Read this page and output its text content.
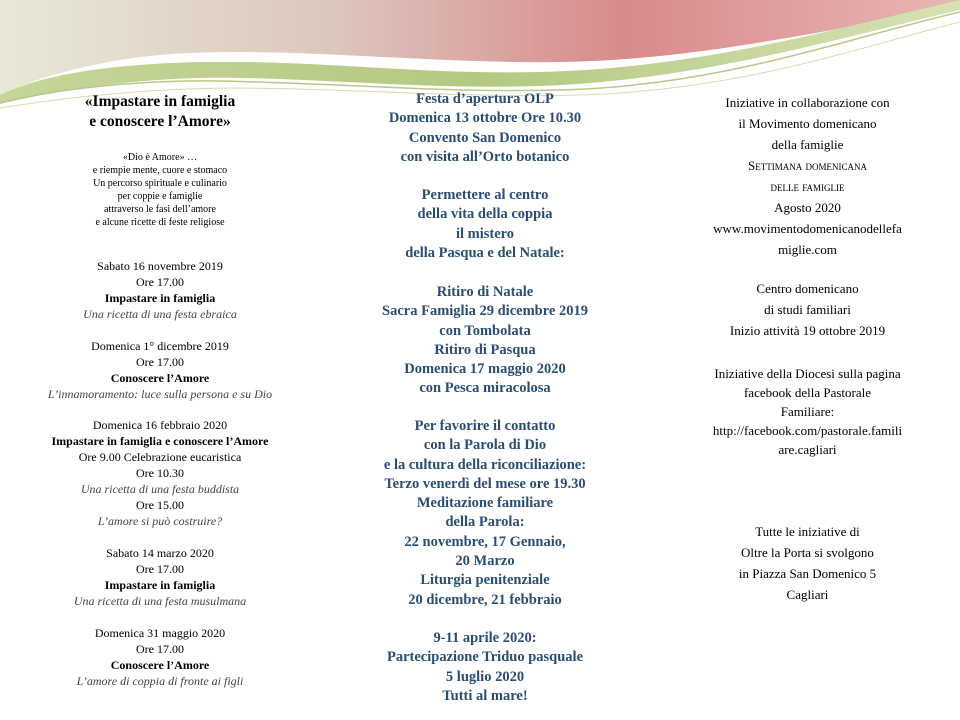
«Impastare in famiglia
e conoscere l’Amore»
«Dio è Amore» …
e riempie mente, cuore e stomaco
Un percorso spirituale e culinario
per coppie e famiglie
attraverso le fasi dell’amore
e alcune ricette di feste religiose
Sabato 16 novembre 2019
Ore 17.00
Impastare in famiglia
Una ricetta di una festa ebraica
Domenica 1° dicembre 2019
Ore 17.00
Conoscere l’Amore
L’innamoramento: luce sulla persona e su Dio
Domenica 16 febbraio 2020
Impastare in famiglia e conoscere l’Amore
Ore 9.00 Celebrazione eucaristica
Ore 10.30
Una ricetta di una festa buddista
Ore 15.00
L’amore si può costruire?
Sabato 14 marzo 2020
Ore 17.00
Impastare in famiglia
Una ricetta di una festa musulmana
Domenica 31 maggio 2020
Ore 17.00
Conoscere l’Amore
L’amore di coppia di fronte ai figli
Festa d’apertura OLP
Domenica 13 ottobre Ore 10.30
Convento San Domenico
con visita all’Orto botanico
Permettere al centro
della vita della coppia
il mistero
della Pasqua e del Natale:
Ritiro di Natale
Sacra Famiglia 29 dicembre 2019
con Tombolata
Ritiro di Pasqua
Domenica 17 maggio 2020
con Pesca miracolosa
Per favorire il contatto
con la Parola di Dio
e la cultura della riconciliazione:
Terzo venerdì del mese ore 19.30
Meditazione familiare
della Parola:
22 novembre, 17 Gennaio,
20 Marzo
Liturgia penitenziale
20 dicembre, 21 febbraio
9-11 aprile 2020:
Partecipazione Triduo pasquale
5 luglio 2020
Tutti al mare!
Iniziative in collaborazione con
il Movimento domenicano
della famiglie
Settimana domenicana
delle famiglie
Agosto 2020
www.movimentodomenicanodellefa
miglie.com
Centro domenicano
di studi familiari
Inizio attività 19 ottobre 2019
Iniziative della Diocesi sulla pagina
facebook della Pastorale
Familiare:
http://facebook.com/pastorale.famili
are.cagliari
Tutte le iniziative di
Oltre la Porta si svolgono
in Piazza San Domenico 5
Cagliari
